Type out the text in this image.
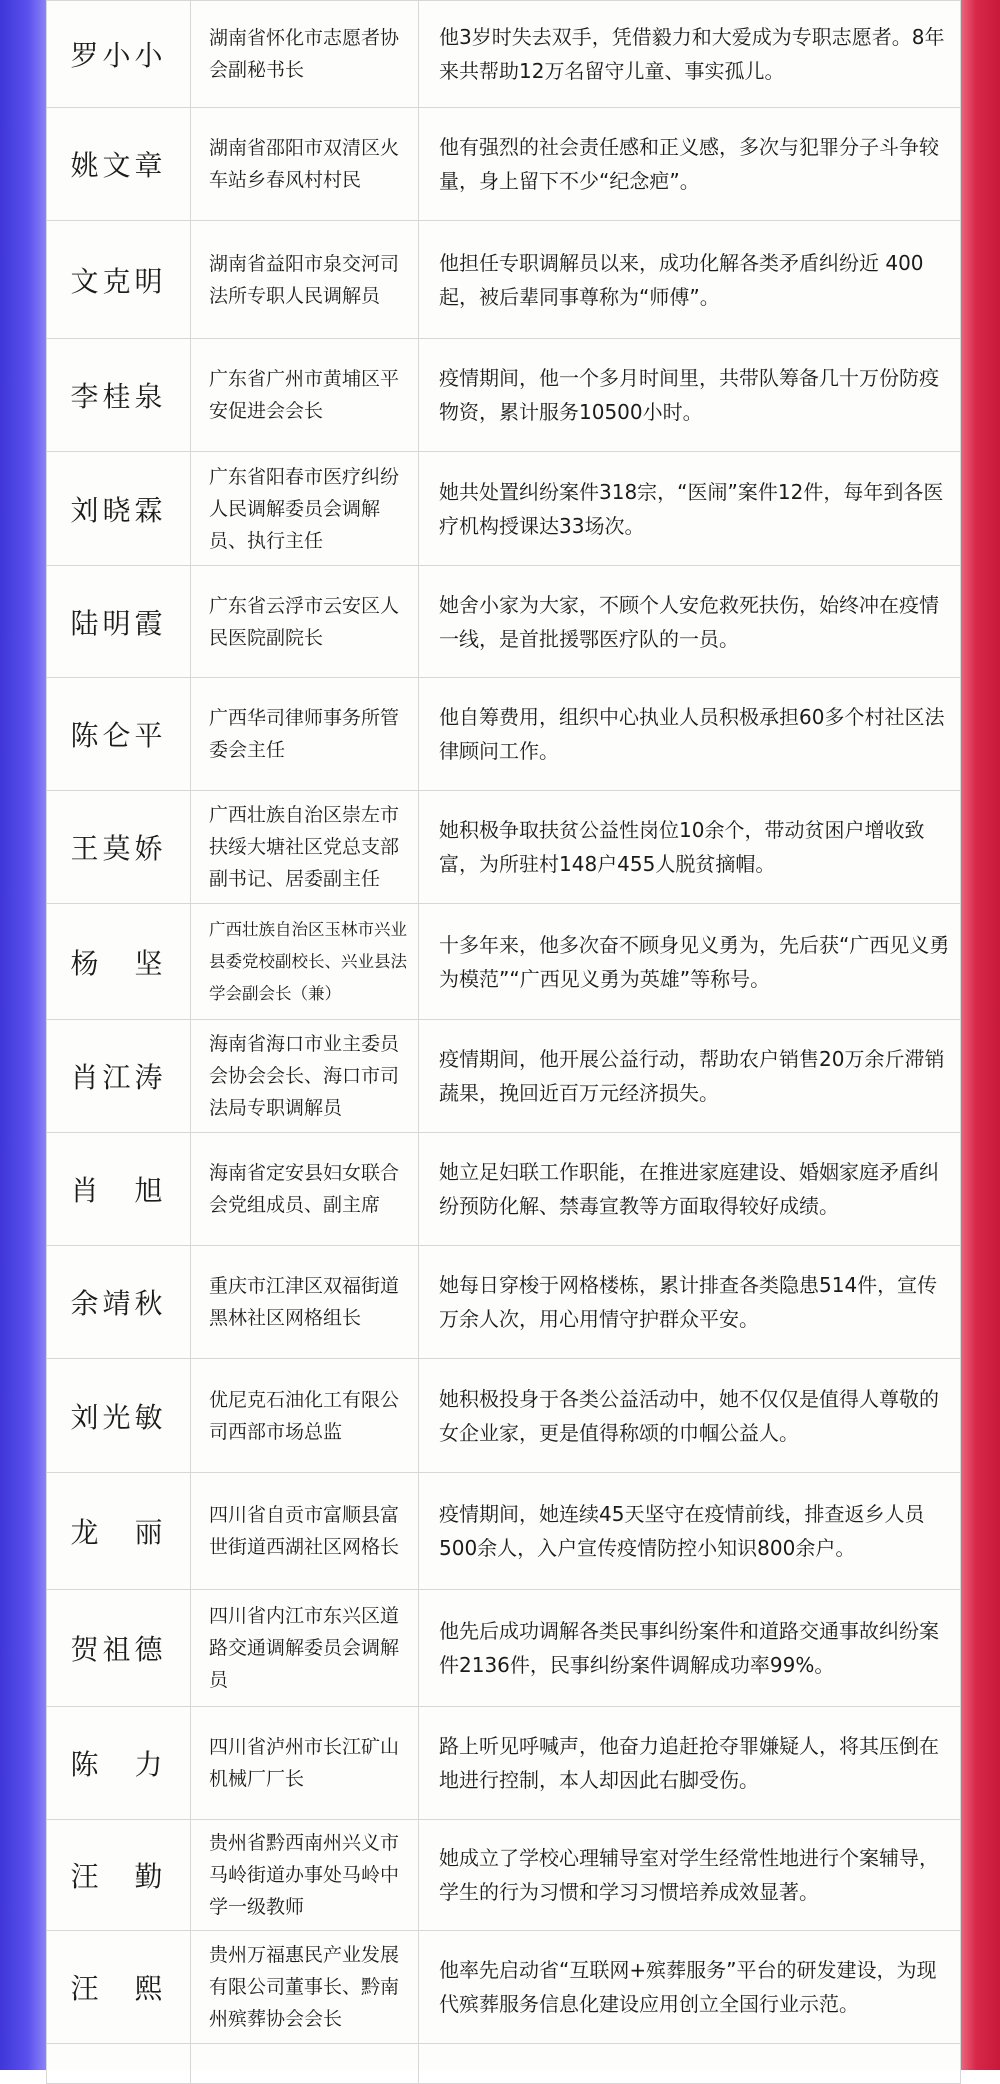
罗小小	湖南省怀化市志愿者协会副秘书长	他3岁时失去双手，凭借毅力和大爱成为专职志愿者。8年来共帮助12万名留守儿童、事实孤儿。
姚文章	湖南省邵阳市双清区火车站乡春风村村民	他有强烈的社会责任感和正义感，多次与犯罪分子斗争较量，身上留下不少“纪念疤”。
文克明	湖南省益阳市泉交河司法所专职人民调解员	他担任专职调解员以来，成功化解各类矛盾纠纷近 400起，被后辈同事尊称为“师傅”。
李桂泉	广东省广州市黄埔区平安促进会会长	疫情期间，他一个多月时间里，共带队筹备几十万份防疫物资，累计服务10500小时。
刘晓霖	广东省阳春市医疗纠纷人民调解委员会调解员、执行主任	她共处置纠纷案件318宗，“医闹”案件12件，每年到各医疗机构授课达33场次。
陆明霞	广东省云浮市云安区人民医院副院长	她舍小家为大家，不顾个人安危救死扶伤，始终冲在疫情一线，是首批援鄂医疗队的一员。
陈仑平	广西华司律师事务所管委会主任	他自筹费用，组织中心执业人员积极承担60多个村社区法律顾问工作。
王莫娇	广西壮族自治区崇左市扶绥大塘社区党总支部副书记、居委副主任	她积极争取扶贫公益性岗位10余个，带动贫困户增收致富，为所驻村148户455人脱贫摘帽。
杨　坚	广西壮族自治区玉林市兴业县委党校副校长、兴业县法学会副会长（兼）	十多年来，他多次奋不顾身见义勇为，先后获“广西见义勇为模范”“广西见义勇为英雄”等称号。
肖江涛	海南省海口市业主委员会协会会长、海口市司法局专职调解员	疫情期间，他开展公益行动，帮助农户销售20万余斤滞销蔬果，挽回近百万元经济损失。
肖　旭	海南省定安县妇女联合会党组成员、副主席	她立足妇联工作职能，在推进家庭建设、婚姻家庭矛盾纠纷预防化解、禁毒宣教等方面取得较好成绩。
余靖秋	重庆市江津区双福街道黑林社区网格组长	她每日穿梭于网格楼栋，累计排查各类隐患514件，宣传万余人次，用心用情守护群众平安。
刘光敏	优尼克石油化工有限公司西部市场总监	她积极投身于各类公益活动中，她不仅仅是值得人尊敬的女企业家，更是值得称颂的巾帼公益人。
龙　丽	四川省自贡市富顺县富世街道西湖社区网格长	疫情期间，她连续45天坚守在疫情前线，排查返乡人员500余人，入户宣传疫情防控小知识800余户。
贺祖德	四川省内江市东兴区道路交通调解委员会调解员	他先后成功调解各类民事纠纷案件和道路交通事故纠纷案件2136件，民事纠纷案件调解成功率99%。
陈　力	四川省泸州市长江矿山机械厂厂长	路上听见呼喊声，他奋力追赶抢夺罪嫌疑人，将其压倒在地进行控制，本人却因此右脚受伤。
汪　勤	贵州省黔西南州兴义市马岭街道办事处马岭中学一级教师	她成立了学校心理辅导室对学生经常性地进行个案辅导，学生的行为习惯和学习习惯培养成效显著。
汪　熙	贵州万福惠民产业发展有限公司董事长、黔南州殡葬协会会长	他率先启动省“互联网+殡葬服务”平台的研发建设，为现代殡葬服务信息化建设应用创立全国行业示范。
